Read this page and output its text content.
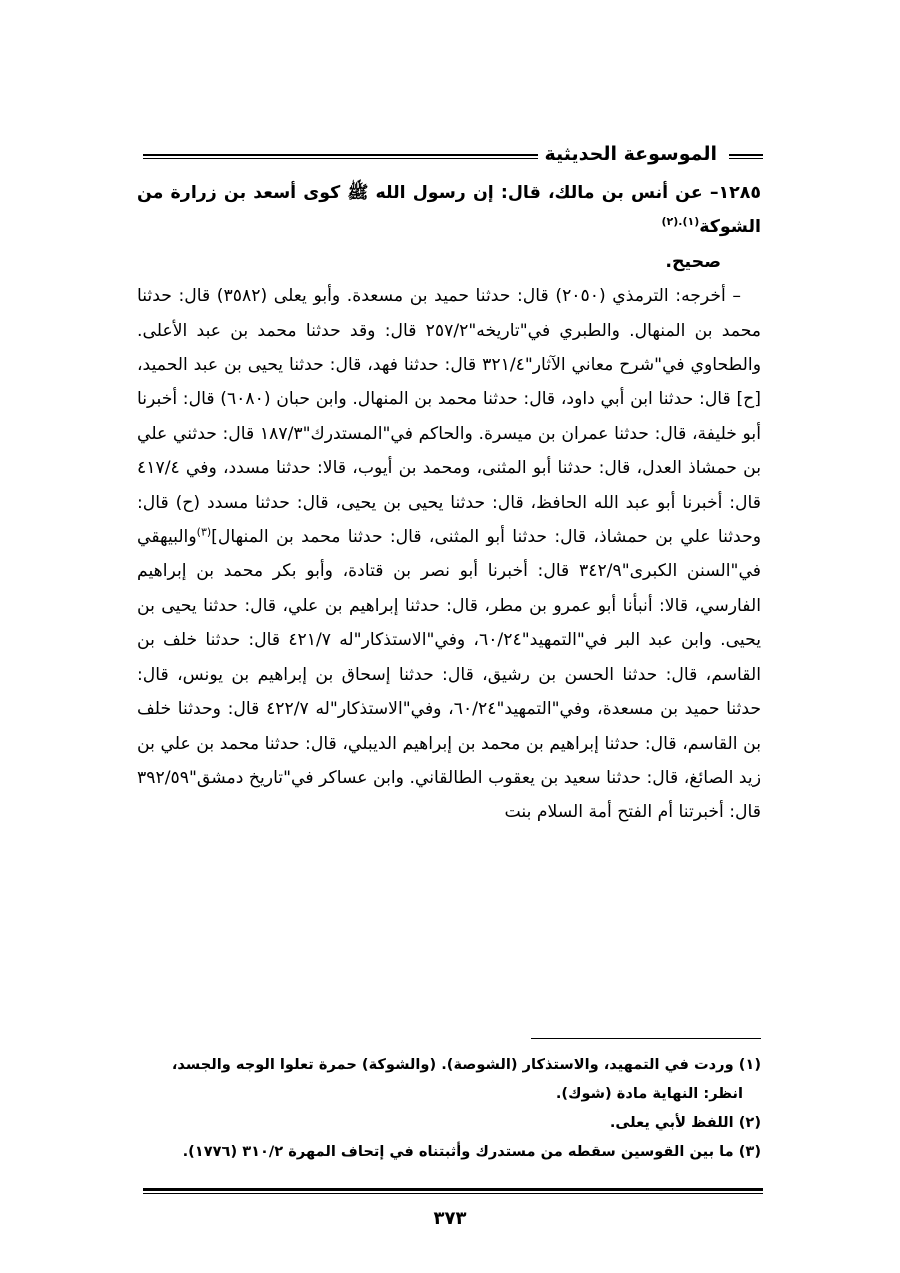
الموسوعة الحديثية

١٢٨٥– عن أنس بن مالك، قال: إن رسول الله ﷺ كوى أسعد بن زرارة من الشوكة$^{(١).(٢)}$

صحيح.

– أخرجه: الترمذي (٢٠٥٠) قال: حدثنا حميد بن مسعدة. وأبو يعلى (٣٥٨٢) قال: حدثنا محمد بن المنهال. والطبري في"تاريخه"٢٥٧/٢ قال: وقد حدثنا محمد بن عبد الأعلى. والطحاوي في"شرح معاني الآثار"٣٢١/٤ قال: حدثنا فهد، قال: حدثنا يحيى بن عبد الحميد، [ح] قال: حدثنا ابن أبي داود، قال: حدثنا محمد بن المنهال. وابن حبان (٦٠٨٠) قال: أخبرنا أبو خليفة، قال: حدثنا عمران بن ميسرة. والحاكم في"المستدرك"١٨٧/٣ قال: حدثني علي بن حمشاذ العدل، قال: حدثنا أبو المثنى، ومحمد بن أيوب، قالا: حدثنا مسدد، وفي ٤١٧/٤ قال: أخبرنا أبو عبد الله الحافظ، قال: حدثنا يحيى بن يحيى، قال: حدثنا مسدد (ح) قال: وحدثنا علي بن حمشاذ، قال: حدثنا أبو المثنى، قال: حدثنا محمد بن المنهال]$^{(٣)}$والبيهقي في"السنن الكبرى"٣٤٢/٩ قال: أخبرنا أبو نصر بن قتادة، وأبو بكر محمد بن إبراهيم الفارسي، قالا: أنبأنا أبو عمرو بن مطر، قال: حدثنا إبراهيم بن علي، قال: حدثنا يحيى بن يحيى. وابن عبد البر في"التمهيد"٦٠/٢٤، وفي"الاستذكار"له ٤٢١/٧ قال: حدثنا خلف بن القاسم، قال: حدثنا الحسن بن رشيق، قال: حدثنا إسحاق بن إبراهيم بن يونس، قال: حدثنا حميد بن مسعدة، وفي"التمهيد"٦٠/٢٤، وفي"الاستذكار"له ٤٢٢/٧ قال: وحدثنا خلف بن القاسم، قال: حدثنا إبراهيم بن محمد بن إبراهيم الديبلي، قال: حدثنا محمد بن علي بن زيد الصائغ، قال: حدثنا سعيد بن يعقوب الطالقاني. وابن عساكر في"تاريخ دمشق"٣٩٢/٥٩ قال: أخبرتنا أم الفتح أمة السلام بنت

(١) وردت في التمهيد، والاستذكار (الشوصة). (والشوكة) حمرة تعلوا الوجه والجسد،

انظر: النهاية مادة (شوك).

(٢) اللفظ لأبي يعلى.

(٣) ما بين القوسين سقطه من مستدرك وأثبتناه في إتحاف المهرة ٣١٠/٢ (١٧٧٦).

٣٧٣
